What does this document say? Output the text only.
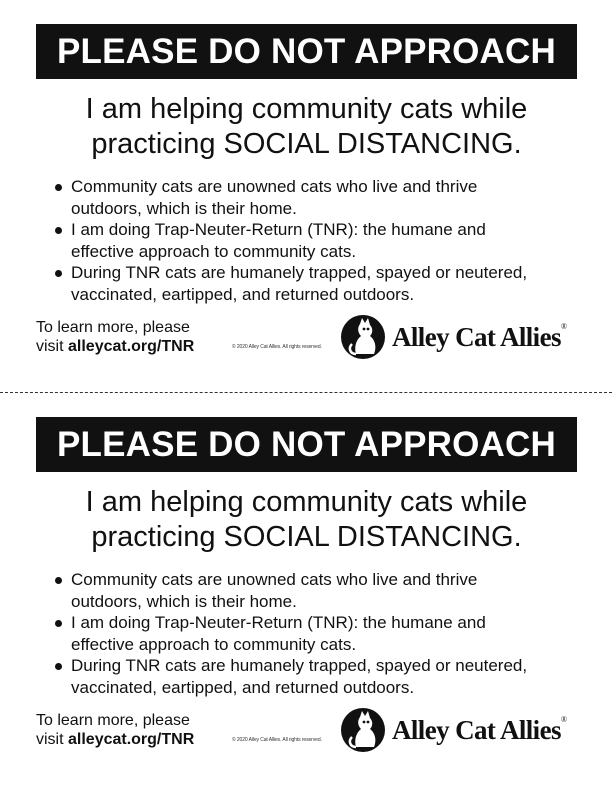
PLEASE DO NOT APPROACH
I am helping community cats while
practicing SOCIAL DISTANCING.
Community cats are unowned cats who live and thrive
outdoors, which is their home.
I am doing Trap-Neuter-Return (TNR): the humane and
effective approach to community cats.
During TNR cats are humanely trapped, spayed or neutered,
vaccinated, eartipped, and returned outdoors.
To learn more, please
visit alleycat.org/TNR	© 2020 Alley Cat Allies. All rights reserved.	Alley Cat Allies®
PLEASE DO NOT APPROACH
I am helping community cats while
practicing SOCIAL DISTANCING.
Community cats are unowned cats who live and thrive
outdoors, which is their home.
I am doing Trap-Neuter-Return (TNR): the humane and
effective approach to community cats.
During TNR cats are humanely trapped, spayed or neutered,
vaccinated, eartipped, and returned outdoors.
To learn more, please
visit alleycat.org/TNR	© 2020 Alley Cat Allies. All rights reserved.	Alley Cat Allies®
